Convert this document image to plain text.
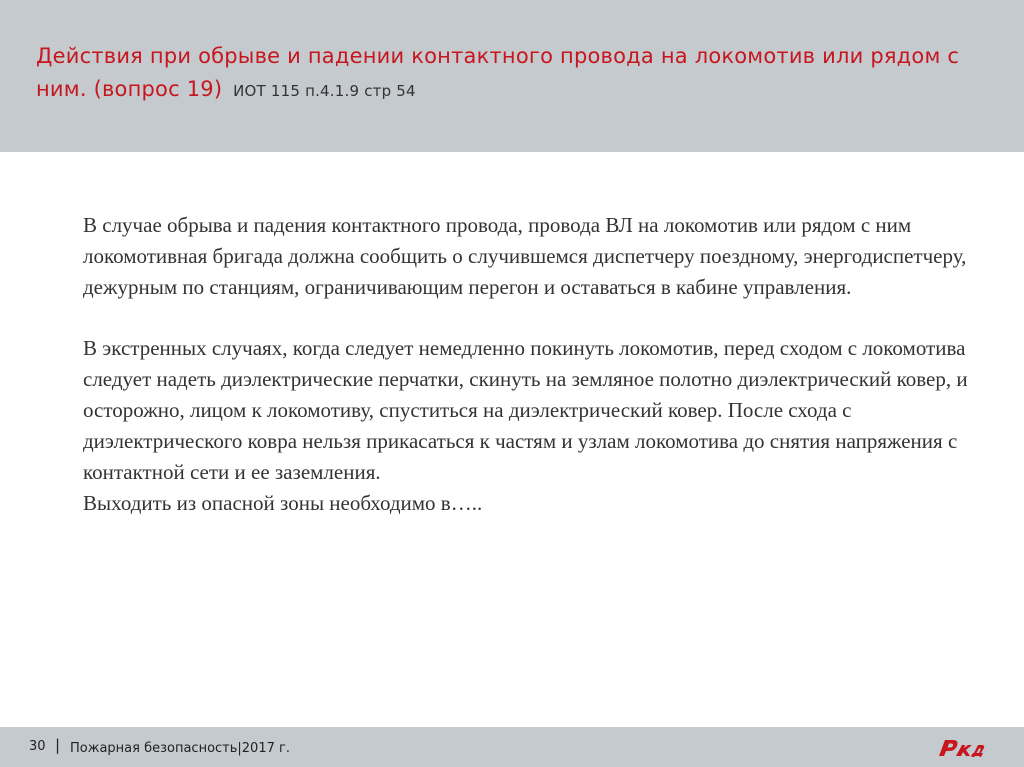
Действия при обрыве и падении контактного провода на локомотив или рядом с ним. (вопрос 19) ИОТ 115 п.4.1.9 стр 54

В случае обрыва и падения контактного провода, провода ВЛ на локомотив или рядом с ним локомотивная бригада должна сообщить о случившемся диспетчеру поездному, энергодиспетчеру, дежурным по станциям, ограничивающим перегон и оставаться в кабине управления.

В экстренных случаях, когда следует немедленно покинуть локомотив, перед сходом с локомотива следует надеть диэлектрические перчатки, скинуть на земляное полотно диэлектрический ковер, и осторожно, лицом к локомотиву, спуститься на диэлектрический ковер. После схода с диэлектрического ковра нельзя прикасаться к частям и узлам локомотива до снятия напряжения с контактной сети и ее заземления.

Выходить из опасной зоны необходимо в…..

30 | Пожарная безопасность|2017 г.
